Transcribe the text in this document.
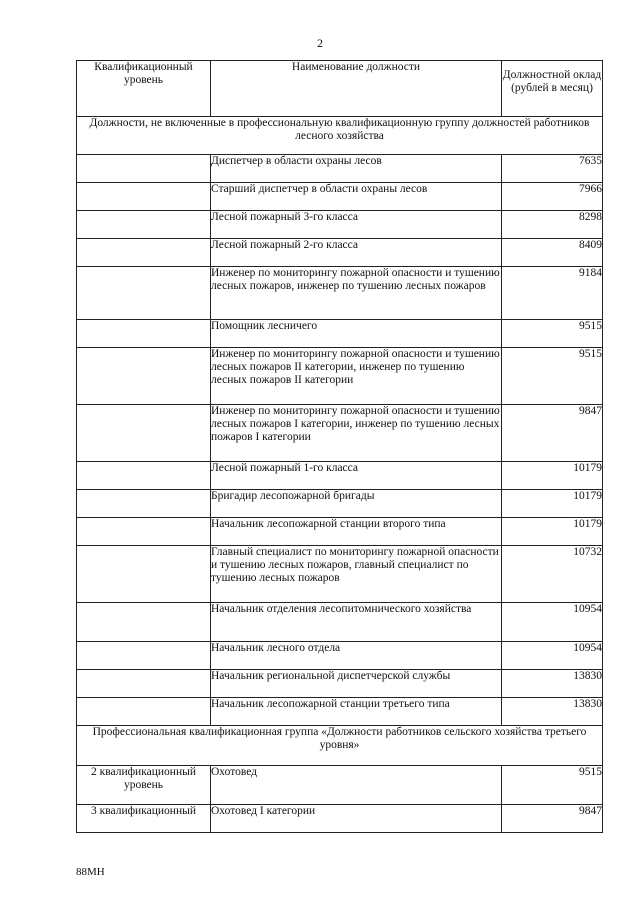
2
Квалификационный уровень	Наименование должности	Должностной оклад (рублей в месяц)
Должности, не включенные в профессиональную квалификационную группу должностей работников лесного хозяйства		
	Диспетчер в области охраны лесов	7635
	Старший диспетчер в области охраны лесов	7966
	Лесной пожарный 3-го класса	8298
	Лесной пожарный 2-го класса	8409
	Инженер по мониторингу пожарной опасности и тушению лесных пожаров, инженер по тушению лесных пожаров	9184
	Помощник лесничего	9515
	Инженер по мониторингу пожарной опасности и тушению лесных пожаров II категории, инженер по тушению лесных пожаров II категории	9515
	Инженер по мониторингу пожарной опасности и тушению лесных пожаров I категории, инженер по тушению лесных пожаров I категории	9847
	Лесной пожарный 1-го класса	10179
	Бригадир лесопожарной бригады	10179
	Начальник лесопожарной станции второго типа	10179
	Главный специалист по мониторингу пожарной опасности и тушению лесных пожаров, главный специалист по тушению лесных пожаров	10732
	Начальник отделения лесопитомнического хозяйства	10954
	Начальник лесного отдела	10954
	Начальник региональной диспетчерской службы	13830
	Начальник лесопожарной станции третьего типа	13830
Профессиональная квалификационная группа «Должности работников сельского хозяйства третьего уровня»		
2 квалификационный уровень	Охотовед	9515
3 квалификационный	Охотовед I категории	9847
88МН
